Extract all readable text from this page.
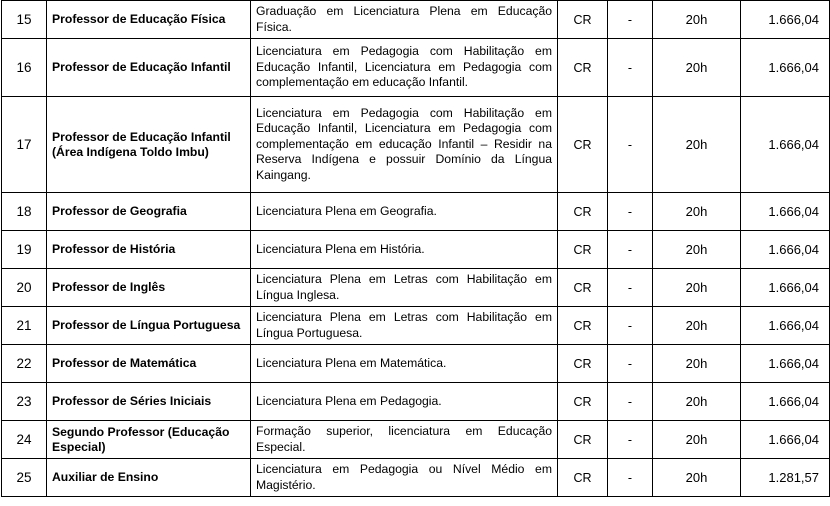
15	Professor de Educação Física	Graduação em Licenciatura Plena em Educação Física.	CR	-	20h	1.666,04
16	Professor de Educação Infantil	Licenciatura em Pedagogia com Habilitação em Educação Infantil, Licenciatura em Pedagogia com complementação em educação Infantil.	CR	-	20h	1.666,04
17	Professor de Educação Infantil (Área Indígena Toldo Imbu)	Licenciatura em Pedagogia com Habilitação em Educação Infantil, Licenciatura em Pedagogia com complementação em educação Infantil – Residir na Reserva Indígena e possuir Domínio da Língua Kaingang.	CR	-	20h	1.666,04
18	Professor de Geografia	Licenciatura Plena em Geografia.	CR	-	20h	1.666,04
19	Professor de História	Licenciatura Plena em História.	CR	-	20h	1.666,04
20	Professor de Inglês	Licenciatura Plena em Letras com Habilitação em Língua Inglesa.	CR	-	20h	1.666,04
21	Professor de Língua Portuguesa	Licenciatura Plena em Letras com Habilitação em Língua Portuguesa.	CR	-	20h	1.666,04
22	Professor de Matemática	Licenciatura Plena em Matemática.	CR	-	20h	1.666,04
23	Professor de Séries Iniciais	Licenciatura Plena em Pedagogia.	CR	-	20h	1.666,04
24	Segundo Professor (Educação Especial)	Formação superior, licenciatura em Educação Especial.	CR	-	20h	1.666,04
25	Auxiliar de Ensino	Licenciatura em Pedagogia ou Nível Médio em Magistério.	CR	-	20h	1.281,57
